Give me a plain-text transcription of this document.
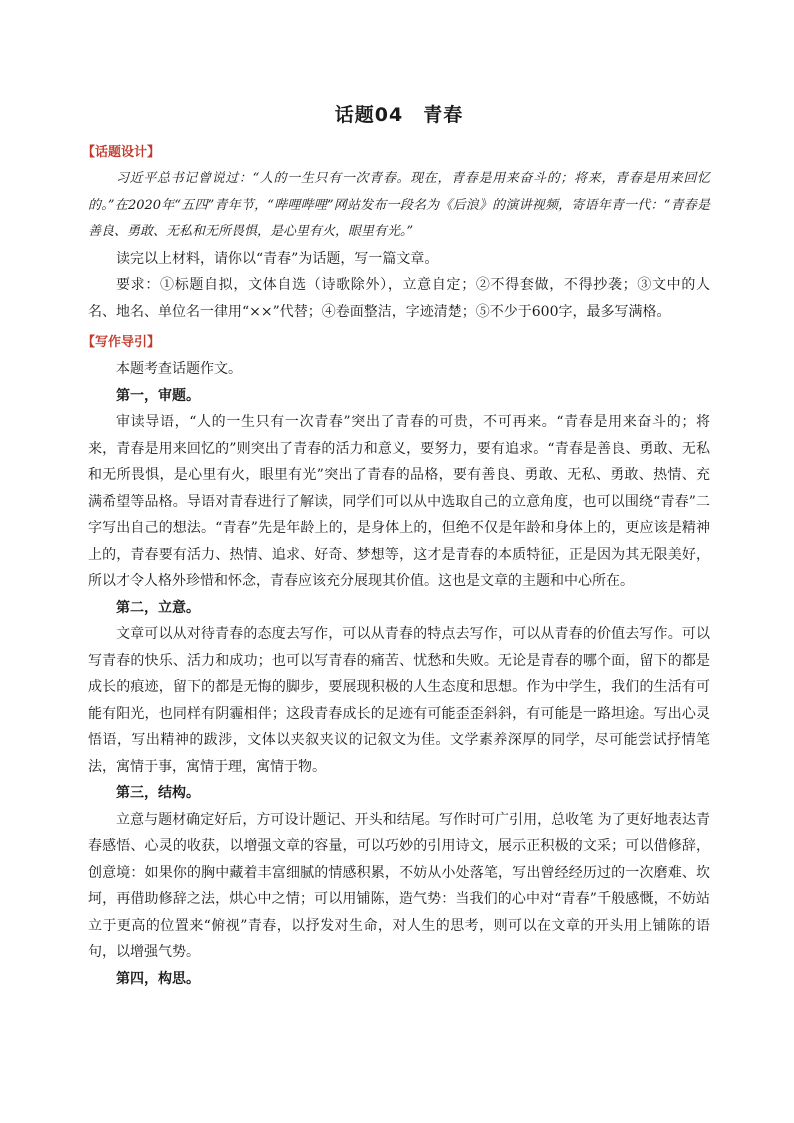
话题04　青春
【话题设计】

习近平总书记曾说过：“人的一生只有一次青春。现在，青春是用来奋斗的；将来，青春是用来回忆的。”在2020年“五四”青年节，“哔哩哔哩”网站发布一段名为《后浪》的演讲视频，寄语年青一代：“青春是善良、勇敢、无私和无所畏惧，是心里有火，眼里有光。”

读完以上材料，请你以“青春”为话题，写一篇文章。

要求：①标题自拟，文体自选（诗歌除外），立意自定；②不得套做，不得抄袭；③文中的人名、地名、单位名一律用“××”代替；④卷面整洁，字迹清楚；⑤不少于600字，最多写满格。

【写作导引】

本题考查话题作文。

第一，审题。

审读导语，“人的一生只有一次青春”突出了青春的可贵，不可再来。“青春是用来奋斗的；将来，青春是用来回忆的”则突出了青春的活力和意义，要努力，要有追求。“青春是善良、勇敢、无私和无所畏惧，是心里有火，眼里有光”突出了青春的品格，要有善良、勇敢、无私、勇敢、热情、充满希望等品格。导语对青春进行了解读，同学们可以从中选取自己的立意角度，也可以围绕“青春”二字写出自己的想法。“青春”先是年龄上的，是身体上的，但绝不仅是年龄和身体上的，更应该是精神上的，青春要有活力、热情、追求、好奇、梦想等，这才是青春的本质特征，正是因为其无限美好，所以才令人格外珍惜和怀念，青春应该充分展现其价值。这也是文章的主题和中心所在。

第二，立意。

文章可以从对待青春的态度去写作，可以从青春的特点去写作，可以从青春的价值去写作。可以写青春的快乐、活力和成功；也可以写青春的痛苦、忧愁和失败。无论是青春的哪个面，留下的都是成长的痕迹，留下的都是无悔的脚步，要展现积极的人生态度和思想。作为中学生，我们的生活有可能有阳光，也同样有阴霾相伴；这段青春成长的足迹有可能歪歪斜斜，有可能是一路坦途。写出心灵悟语，写出精神的跋涉，文体以夹叙夹议的记叙文为佳。文学素养深厚的同学，尽可能尝试抒情笔法，寓情于事，寓情于理，寓情于物。

第三，结构。

立意与题材确定好后，方可设计题记、开头和结尾。写作时可广引用，总收笔 为了更好地表达青春感悟、心灵的收获，以增强文章的容量，可以巧妙的引用诗文，展示正积极的文采；可以借修辞，创意境：如果你的胸中藏着丰富细腻的情感积累，不妨从小处落笔，写出曾经经历过的一次磨难、坎坷，再借助修辞之法，烘心中之情；可以用铺陈，造气势：当我们的心中对“青春”千般感慨，不妨站立于更高的位置来“俯视”青春，以抒发对生命，对人生的思考，则可以在文章的开头用上铺陈的语句，以增强气势。

第四，构思。
